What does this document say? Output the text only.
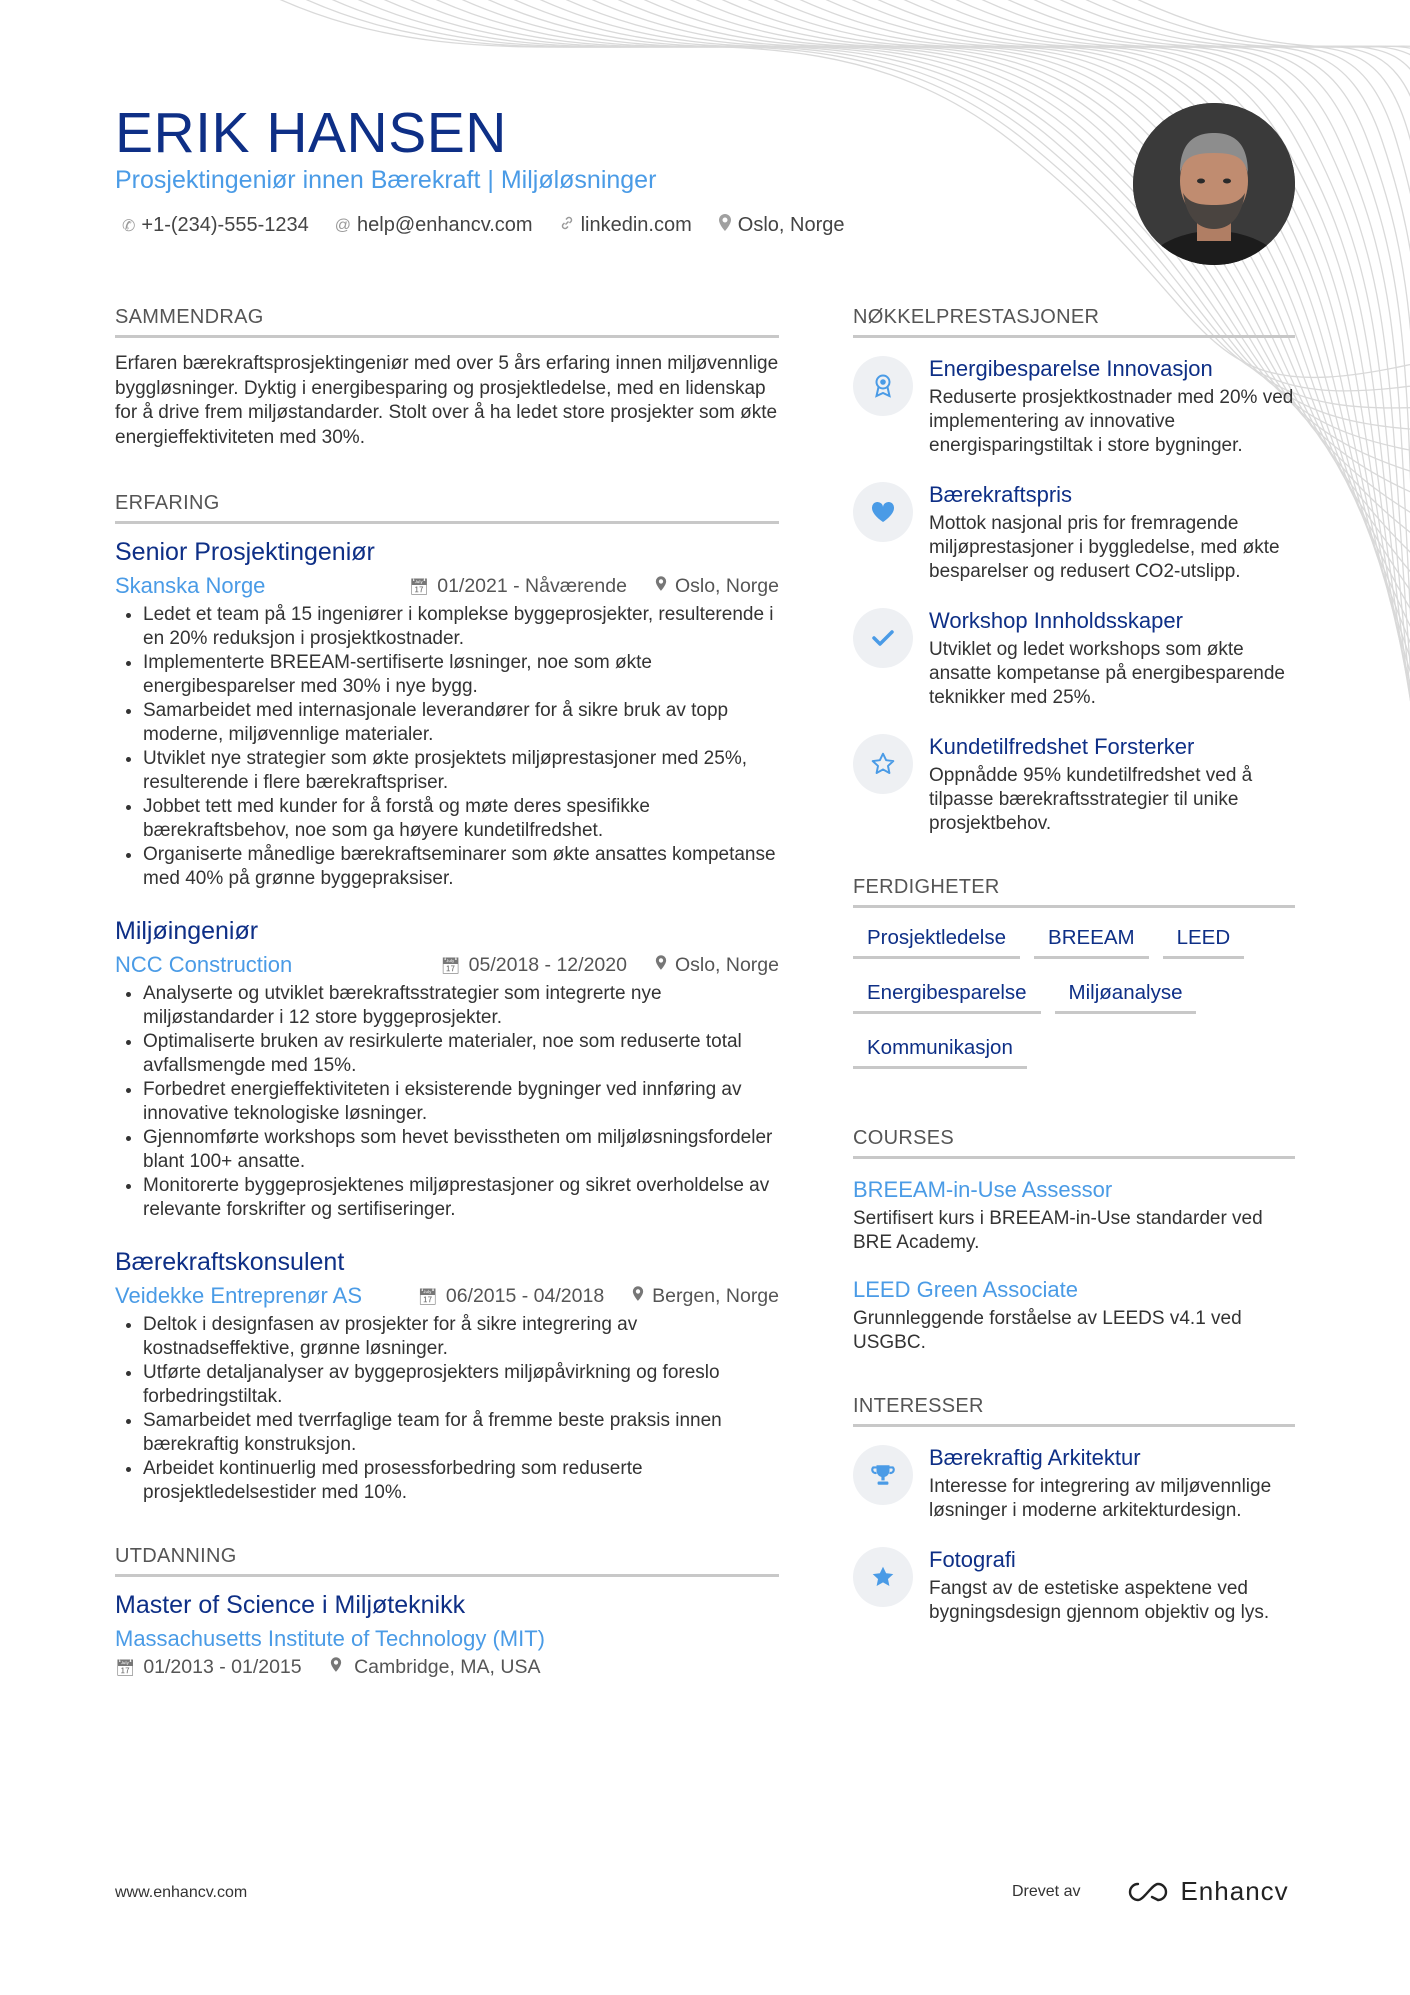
ERIK HANSEN
Prosjektingeniør innen Bærekraft | Miljøløsninger
✆ +1-(234)-555-1234 @ help@enhancv.com linkedin.com Oslo, Norge
SAMMENDRAG

Erfaren bærekraftsprosjektingeniør med over 5 års erfaring innen miljøvennlige byggløsninger. Dyktig i energibesparing og prosjektledelse, med en lidenskap for å drive frem miljøstandarder. Stolt over å ha ledet store prosjekter som økte energieffektiviteten med 30%.

ERFARING
Senior Prosjektingeniør
Skanska Norge	📅︎ 01/2021 - Nåværende	Oslo, Norge
• Ledet et team på 15 ingeniører i komplekse byggeprosjekter, resulterende i en 20% reduksjon i prosjektkostnader.
• Implementerte BREEAM-sertifiserte løsninger, noe som økte energibesparelser med 30% i nye bygg.
• Samarbeidet med internasjonale leverandører for å sikre bruk av topp moderne, miljøvennlige materialer.
• Utviklet nye strategier som økte prosjektets miljøprestasjoner med 25%, resulterende i flere bærekraftspriser.
• Jobbet tett med kunder for å forstå og møte deres spesifikke bærekraftsbehov, noe som ga høyere kundetilfredshet.
• Organiserte månedlige bærekraftseminarer som økte ansattes kompetanse med 40% på grønne byggepraksiser.
Miljøingeniør
NCC Construction	📅︎ 05/2018 - 12/2020	Oslo, Norge
• Analyserte og utviklet bærekraftsstrategier som integrerte nye miljøstandarder i 12 store byggeprosjekter.
• Optimaliserte bruken av resirkulerte materialer, noe som reduserte total avfallsmengde med 15%.
• Forbedret energieffektiviteten i eksisterende bygninger ved innføring av innovative teknologiske løsninger.
• Gjennomførte workshops som hevet bevisstheten om miljøløsningsfordeler blant 100+ ansatte.
• Monitorerte byggeprosjektenes miljøprestasjoner og sikret overholdelse av relevante forskrifter og sertifiseringer.
Bærekraftskonsulent
Veidekke Entreprenør AS	📅︎ 06/2015 - 04/2018	Bergen, Norge
• Deltok i designfasen av prosjekter for å sikre integrering av kostnadseffektive, grønne løsninger.
• Utførte detaljanalyser av byggeprosjekters miljøpåvirkning og foreslo forbedringstiltak.
• Samarbeidet med tverrfaglige team for å fremme beste praksis innen bærekraftig konstruksjon.
• Arbeidet kontinuerlig med prosessforbedring som reduserte prosjektledelsestider med 10%.
UTDANNING
Master of Science i Miljøteknikk
Massachusetts Institute of Technology (MIT)
📅︎ 01/2013 - 01/2015	Cambridge, MA, USA
NØKKELPRESTASJONER
Energibesparelse Innovasjon
Reduserte prosjektkostnader med 20% ved implementering av innovative energisparingstiltak i store bygninger.
Bærekraftspris
Mottok nasjonal pris for fremragende miljøprestasjoner i byggledelse, med økte besparelser og redusert CO2-utslipp.
Workshop Innholdsskaper
Utviklet og ledet workshops som økte ansatte kompetanse på energibesparende teknikker med 25%.
Kundetilfredshet Forsterker
Oppnådde 95% kundetilfredshet ved å tilpasse bærekraftsstrategier til unike prosjektbehov.
FERDIGHETER
Prosjektledelse	BREEAM	LEED
Energibesparelse	Miljøanalyse
Kommunikasjon
COURSES
BREEAM-in-Use Assessor
Sertifisert kurs i BREEAM-in-Use standarder ved BRE Academy.
LEED Green Associate
Grunnleggende forståelse av LEEDS v4.1 ved USGBC.
INTERESSER
Bærekraftig Arkitektur
Interesse for integrering av miljøvennlige løsninger i moderne arkitekturdesign.
Fotografi
Fangst av de estetiske aspektene ved bygningsdesign gjennom objektiv og lys.
www.enhancv.com	Drevet av	Enhancv
